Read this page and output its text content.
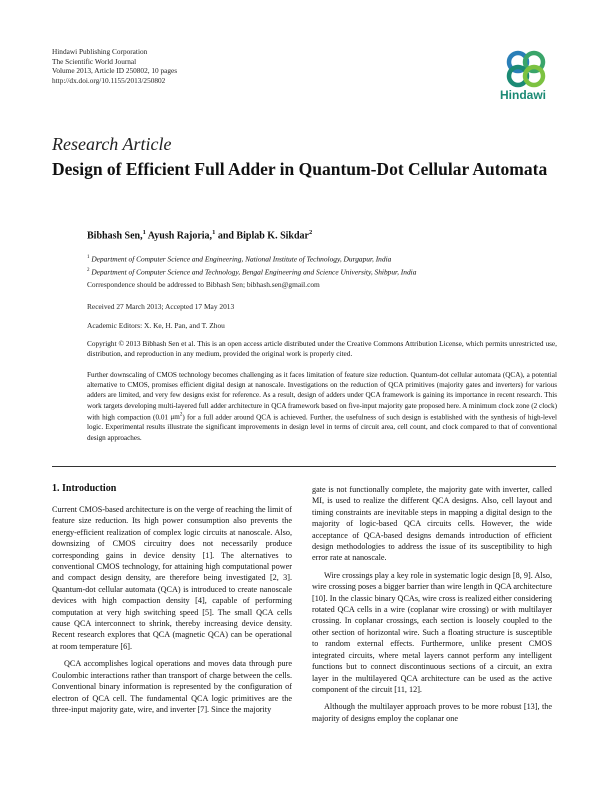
Hindawi Publishing Corporation
The Scientific World Journal
Volume 2013, Article ID 250802, 10 pages
http://dx.doi.org/10.1155/2013/250802
Hindawi
Research Article
Design of Efficient Full Adder in Quantum-Dot Cellular Automata
Bibhash Sen,$^1$ Ayush Rajoria,$^1$ and Biplab K. Sikdar$^2$
$^1$ Department of Computer Science and Engineering, National Institute of Technology, Durgapur, India
$^2$ Department of Computer Science and Technology, Bengal Engineering and Science University, Shibpur, India
Correspondence should be addressed to Bibhash Sen; bibhash.sen@gmail.com
Received 27 March 2013; Accepted 17 May 2013
Academic Editors: X. Ke, H. Pan, and T. Zhou
Copyright © 2013 Bibhash Sen et al. This is an open access article distributed under the Creative Commons Attribution License, which permits unrestricted use, distribution, and reproduction in any medium, provided the original work is properly cited.
Further downscaling of CMOS technology becomes challenging as it faces limitation of feature size reduction. Quantum-dot cellular automata (QCA), a potential alternative to CMOS, promises efficient digital design at nanoscale. Investigations on the reduction of QCA primitives (majority gates and inverters) for various adders are limited, and very few designs exist for reference. As a result, design of adders under QCA framework is gaining its importance in recent research. This work targets developing multi-layered full adder architecture in QCA framework based on five-input majority gate proposed here. A minimum clock zone (2 clock) with high compaction (0.01 $\mu m^2$) for a full adder around QCA is achieved. Further, the usefulness of such design is established with the synthesis of high-level logic. Experimental results illustrate the significant improvements in design level in terms of circuit area, cell count, and clock compared to that of conventional design approaches.
1. Introduction

Current CMOS-based architecture is on the verge of reaching the limit of feature size reduction. Its high power consumption also prevents the energy-efficient realization of complex logic circuits at nanoscale. Also, downsizing of CMOS circuitry does not necessarily produce corresponding gains in device density [1]. The alternatives to conventional CMOS technology, for attaining high computational power and compact design density, are therefore being investigated [2, 3]. Quantum-dot cellular automata (QCA) is introduced to create nanoscale devices with high compaction density [4], capable of performing computation at very high switching speed [5]. The small QCA cells cause QCA interconnect to shrink, thereby increasing device density. Recent research explores that QCA (magnetic QCA) can be operational at room temperature [6].

QCA accomplishes logical operations and moves data through pure Coulombic interactions rather than transport of charge between the cells. Conventional binary information is represented by the configuration of electron of QCA cell. The fundamental QCA logic primitives are the three-input majority gate, wire, and inverter [7]. Since the majority

gate is not functionally complete, the majority gate with inverter, called MI, is used to realize the different QCA designs. Also, cell layout and timing constraints are inevitable steps in mapping a digital design to the majority of logic-based QCA circuits cells. However, the wide acceptance of QCA-based designs demands introduction of efficient design methodologies to address the issue of its susceptibility to high error rate at nanoscale.

Wire crossings play a key role in systematic logic design [8, 9]. Also, wire crossing poses a bigger barrier than wire length in QCA architecture [10]. In the classic binary QCAs, wire cross is realized either considering rotated QCA cells in a wire (coplanar wire crossing) or with multilayer crossing. In coplanar crossings, each section is loosely coupled to the other section of horizontal wire. Such a floating structure is susceptible to random external effects. Furthermore, unlike present CMOS integrated circuits, where metal layers cannot perform any intelligent functions but to connect discontinuous sections of a circuit, an extra layer in the multilayered QCA architecture can be used as the active component of the circuit [11, 12].

Although the multilayer approach proves to be more robust [13], the majority of designs employ the coplanar one
